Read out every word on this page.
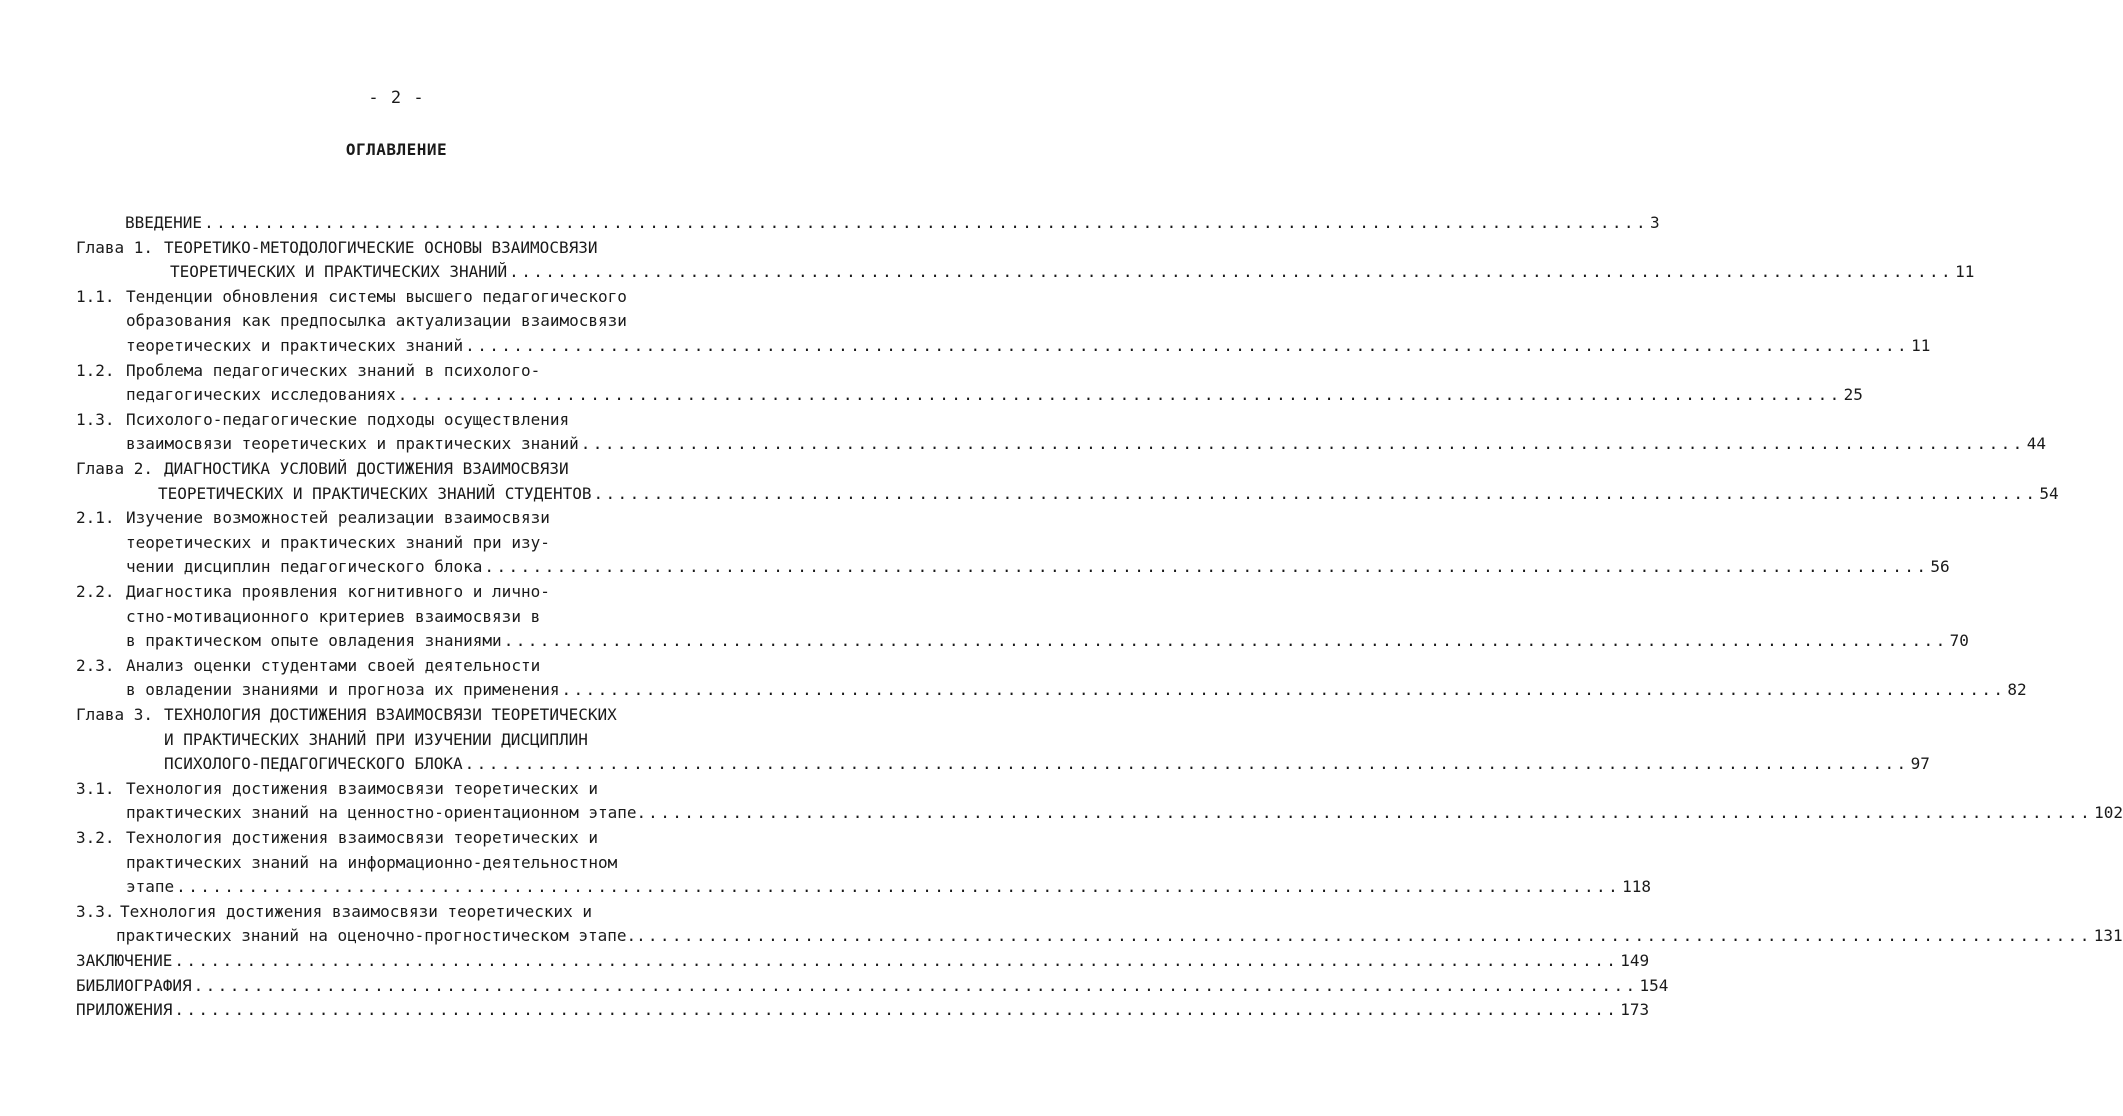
- 2 -
ОГЛАВЛЕНИЕ
ВВЕДЕНИЕ ........................................................................................................................ 3
Глава 1. ТЕОРЕТИКО-МЕТОДОЛОГИЧЕСКИЕ ОСНОВЫ ВЗАИМОСВЯЗИ
ТЕОРЕТИЧЕСКИХ И ПРАКТИЧЕСКИХ ЗНАНИЙ ........................................................................................................................ 11
1.1. Тенденции обновления системы высшего педагогического
образования как предпосылка актуализации взаимосвязи
теоретических и практических знаний ........................................................................................................................ 11
1.2. Проблема педагогических знаний в психолого-
педагогических исследованиях ........................................................................................................................ 25
1.3. Психолого-педагогические подходы осуществления
взаимосвязи теоретических и практических знаний ........................................................................................................................ 44
Глава 2. ДИАГНОСТИКА УСЛОВИЙ ДОСТИЖЕНИЯ ВЗАИМОСВЯЗИ
ТЕОРЕТИЧЕСКИХ И ПРАКТИЧЕСКИХ ЗНАНИЙ СТУДЕНТОВ ........................................................................................................................ 54
2.1. Изучение возможностей реализации взаимосвязи
теоретических и практических знаний при изу-
чении дисциплин педагогического блока ........................................................................................................................ 56
2.2. Диагностика проявления когнитивного и лично-
стно-мотивационного критериев взаимосвязи в
в практическом опыте овладения знаниями ........................................................................................................................ 70
2.3. Анализ оценки студентами своей деятельности
в овладении знаниями и прогноза их применения ........................................................................................................................ 82
Глава 3. ТЕХНОЛОГИЯ ДОСТИЖЕНИЯ ВЗАИМОСВЯЗИ ТЕОРЕТИЧЕСКИХ
И ПРАКТИЧЕСКИХ ЗНАНИЙ ПРИ ИЗУЧЕНИИ ДИСЦИПЛИН
ПСИХОЛОГО-ПЕДАГОГИЧЕСКОГО БЛОКА ........................................................................................................................ 97
3.1. Технология достижения взаимосвязи теоретических и
практических знаний на ценностно-ориентационном этапе. ........................................................................................................................ 102
3.2. Технология достижения взаимосвязи теоретических и
практических знаний на информационно-деятельностном
этапе ........................................................................................................................ 118
3.3. Технология достижения взаимосвязи теоретических и
практических знаний на оценочно-прогностическом этапе.. ........................................................................................................................ 131
ЗАКЛЮЧЕНИЕ ........................................................................................................................ 149
БИБЛИОГРАФИЯ ........................................................................................................................ 154
ПРИЛОЖЕНИЯ ........................................................................................................................ 173
